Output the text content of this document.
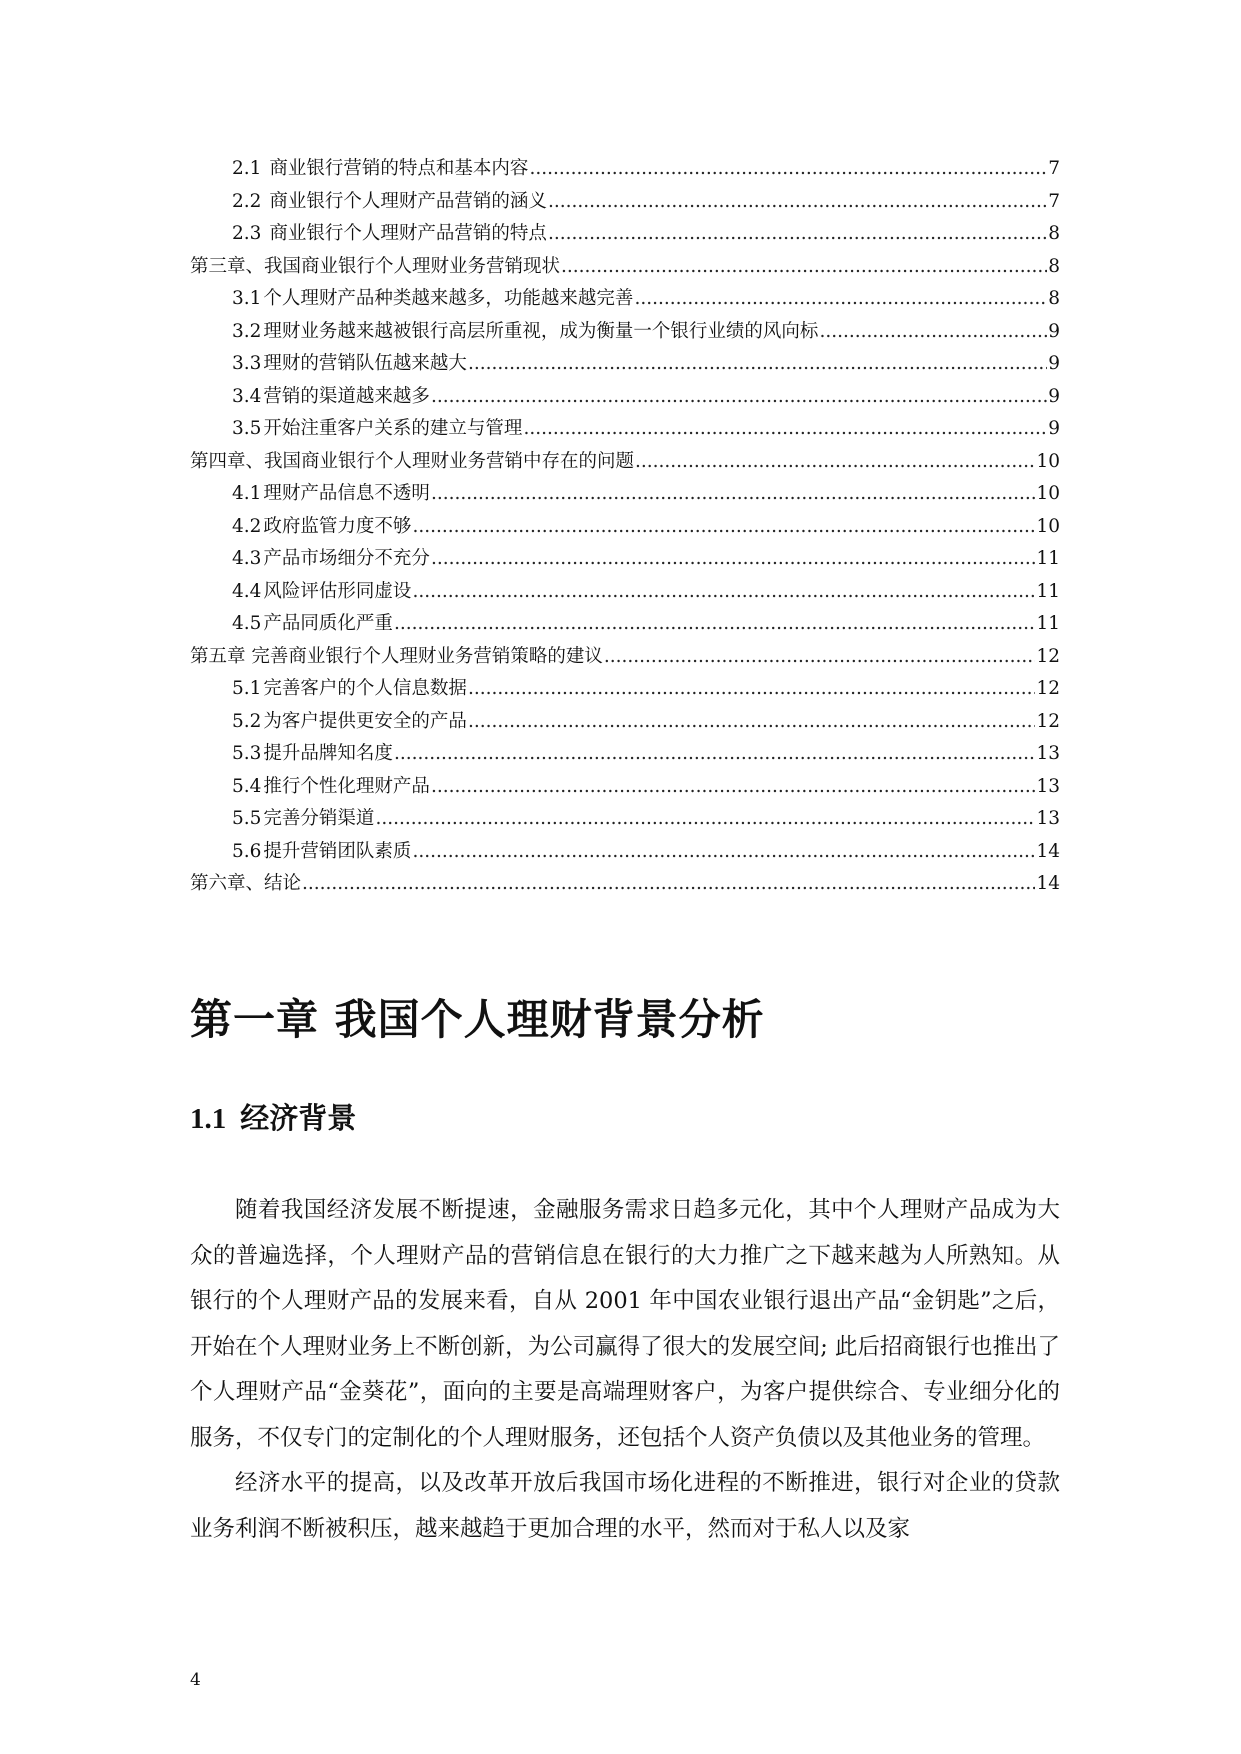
2.1 商业银行营销的特点和基本内容 .....	7
2.2 商业银行个人理财产品营销的涵义 .....	7
2.3 商业银行个人理财产品营销的特点 .....	8
第三章、我国商业银行个人理财业务营销现状 .....	8
3.1 个人理财产品种类越来越多，功能越来越完善 .....	8
3.2 理财业务越来越被银行高层所重视，成为衡量一个银行业绩的风向标 .....	9
3.3 理财的营销队伍越来越大 .....	9
3.4 营销的渠道越来越多 .....	9
3.5 开始注重客户关系的建立与管理 .....	9
第四章、我国商业银行个人理财业务营销中存在的问题 .....	10
4.1 理财产品信息不透明 .....	10
4.2 政府监管力度不够 .....	10
4.3 产品市场细分不充分 .....	11
4.4 风险评估形同虚设 .....	11
4.5 产品同质化严重 .....	11
第五章 完善商业银行个人理财业务营销策略的建议 .....	12
5.1 完善客户的个人信息数据 .....	12
5.2 为客户提供更安全的产品 .....	12
5.3 提升品牌知名度 .....	13
5.4 推行个性化理财产品 .....	13
5.5 完善分销渠道 .....	13
5.6 提升营销团队素质 .....	14
第六章、结论 .....	14
第一章 我国个人理财背景分析
1.1 经济背景

随着我国经济发展不断提速，金融服务需求日趋多元化，其中个人理财产品成为大众的普遍选择，个人理财产品的营销信息在银行的大力推广之下越来越为人所熟知。从银行的个人理财产品的发展来看，自从 2001 年中国农业银行退出产品“金钥匙”之后，开始在个人理财业务上不断创新，为公司赢得了很大的发展空间; 此后招商银行也推出了个人理财产品“金葵花”，面向的主要是高端理财客户，为客户提供综合、专业细分化的服务，不仅专门的定制化的个人理财服务，还包括个人资产负债以及其他业务的管理。

经济水平的提高，以及改革开放后我国市场化进程的不断推进，银行对企业的贷款业务利润不断被积压，越来越趋于更加合理的水平，然而对于私人以及家

4
